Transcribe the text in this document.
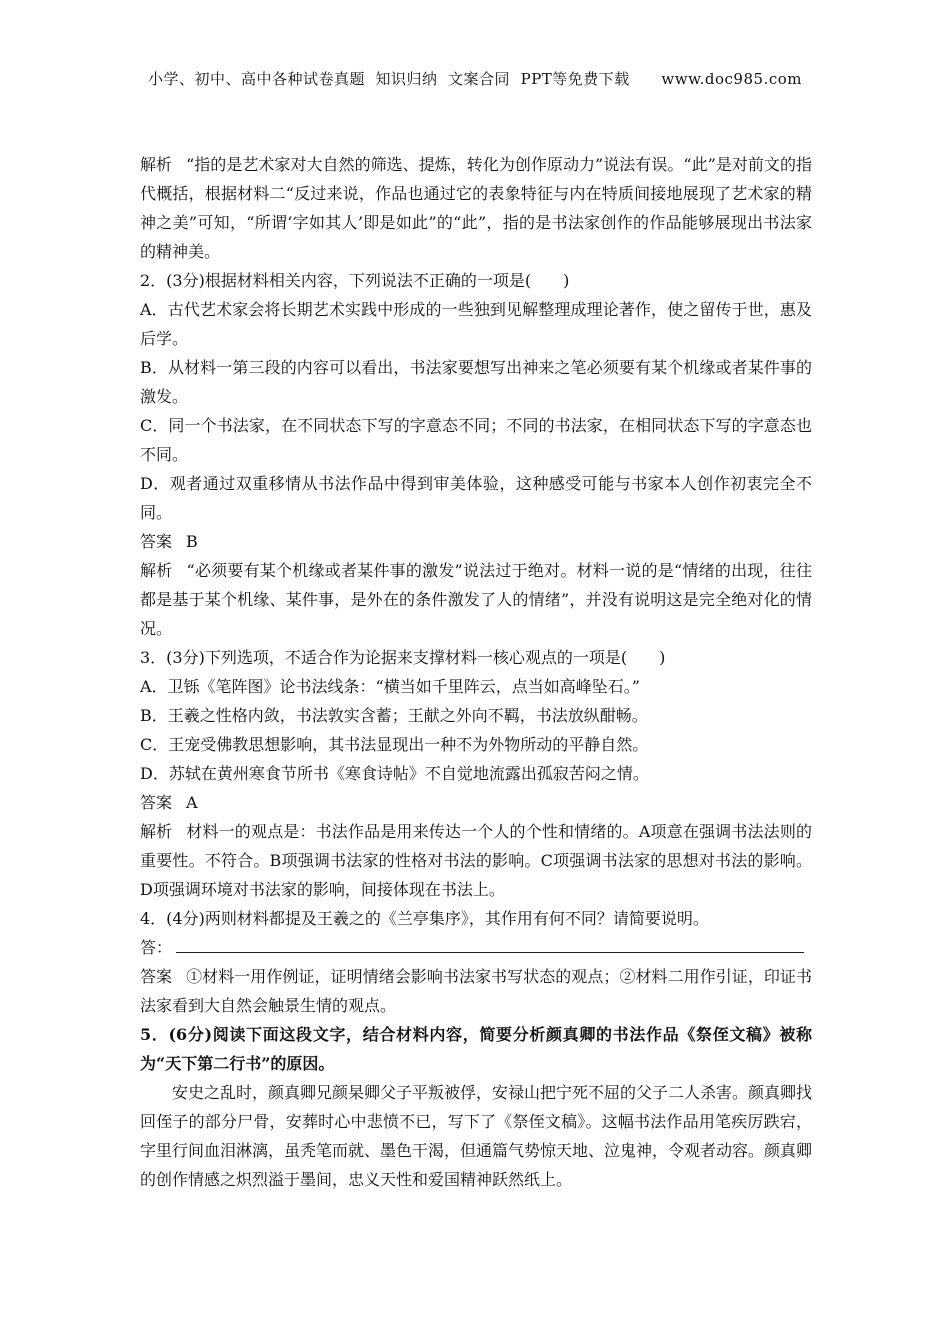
小学、初中、高中各种试卷真题  知识归纳  文案合同  PPT等免费下载      www.doc985.com

解析 “指的是艺术家对大自然的筛选、提炼，转化为创作原动力”说法有误。“此”是对前文的指代概括，根据材料二“反过来说，作品也通过它的表象特征与内在特质间接地展现了艺术家的精神之美”可知，“所谓‘字如其人’即是如此”的“此”，指的是书法家创作的作品能够展现出书法家的精神美。

2．(3分)根据材料相关内容，下列说法不正确的一项是(　　)

A．古代艺术家会将长期艺术实践中形成的一些独到见解整理成理论著作，使之留传于世，惠及后学。

B．从材料一第三段的内容可以看出，书法家要想写出神来之笔必须要有某个机缘或者某件事的激发。

C．同一个书法家，在不同状态下写的字意态不同；不同的书法家，在相同状态下写的字意态也不同。

D．观者通过双重移情从书法作品中得到审美体验，这种感受可能与书家本人创作初衷完全不同。

答案 B

解析 “必须要有某个机缘或者某件事的激发”说法过于绝对。材料一说的是“情绪的出现，往往都是基于某个机缘、某件事，是外在的条件激发了人的情绪”，并没有说明这是完全绝对化的情况。

3．(3分)下列选项，不适合作为论据来支撑材料一核心观点的一项是(　　)

A．卫铄《笔阵图》论书法线条：“横当如千里阵云，点当如高峰坠石。”

B．王羲之性格内敛，书法敦实含蓄；王献之外向不羁，书法放纵酣畅。

C．王宠受佛教思想影响，其书法显现出一种不为外物所动的平静自然。

D．苏轼在黄州寒食节所书《寒食诗帖》不自觉地流露出孤寂苦闷之情。

答案 A

解析 材料一的观点是：书法作品是用来传达一个人的个性和情绪的。A项意在强调书法法则的重要性。不符合。B项强调书法家的性格对书法的影响。C项强调书法家的思想对书法的影响。D项强调环境对书法家的影响，间接体现在书法上。

4．(4分)两则材料都提及王羲之的《兰亭集序》，其作用有何不同？请简要说明。

答：

答案 ①材料一用作例证，证明情绪会影响书法家书写状态的观点；②材料二用作引证，印证书法家看到大自然会触景生情的观点。

5．(6分)阅读下面这段文字，结合材料内容，简要分析颜真卿的书法作品《祭侄文稿》被称为“天下第二行书”的原因。

安史之乱时，颜真卿兄颜杲卿父子平叛被俘，安禄山把宁死不屈的父子二人杀害。颜真卿找回侄子的部分尸骨，安葬时心中悲愤不已，写下了《祭侄文稿》。这幅书法作品用笔疾厉跌宕，字里行间血泪淋漓，虽秃笔而就、墨色干渴，但通篇气势惊天地、泣鬼神，令观者动容。颜真卿的创作情感之炽烈溢于墨间，忠义天性和爱国精神跃然纸上。
